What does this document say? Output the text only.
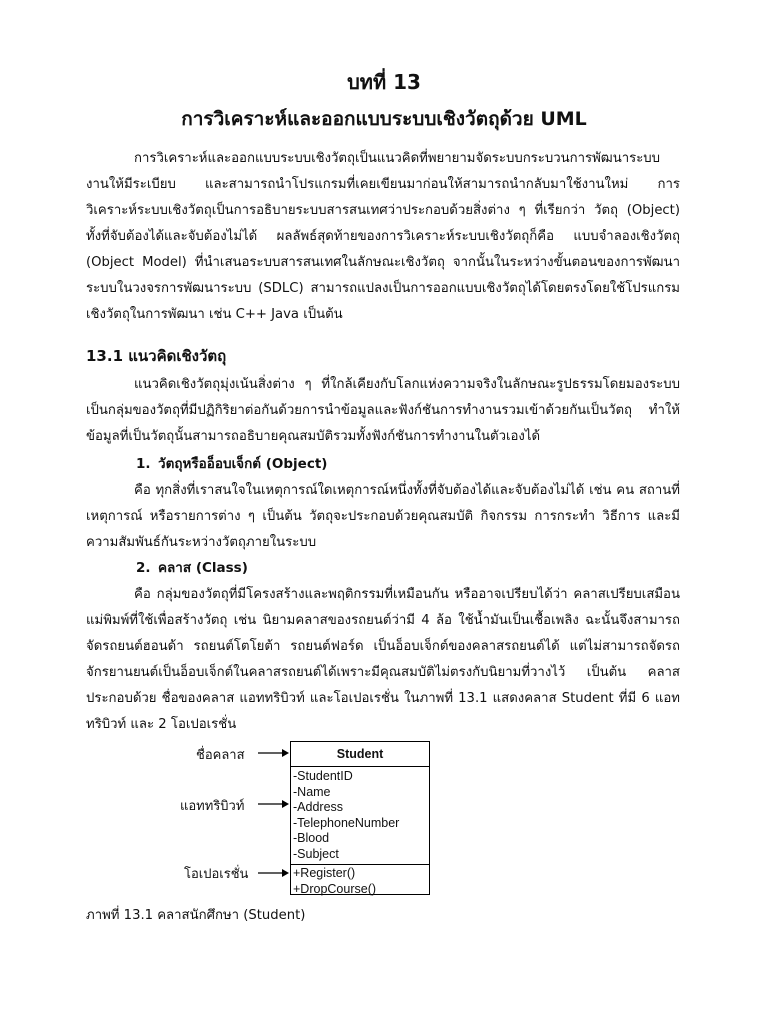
บทที่ 13
การวิเคราะห์และออกแบบระบบเชิงวัตถุด้วย UML

การวิเคราะห์และออกแบบระบบเชิงวัตถุเป็นแนวคิดที่พยายามจัดระบบกระบวนการพัฒนาระบบงานให้มีระเบียบ และสามารถนำโปรแกรมที่เคยเขียนมาก่อนให้สามารถนำกลับมาใช้งานใหม่ การวิเคราะห์ระบบเชิงวัตถุเป็นการอธิบายระบบสารสนเทศว่าประกอบด้วยสิ่งต่าง ๆ ที่เรียกว่า วัตถุ (Object) ทั้งที่จับต้องได้และจับต้องไม่ได้ ผลลัพธ์สุดท้ายของการวิเคราะห์ระบบเชิงวัตถุก็คือ แบบจำลองเชิงวัตถุ (Object Model) ที่นำเสนอระบบสารสนเทศในลักษณะเชิงวัตถุ จากนั้นในระหว่างขั้นตอนของการพัฒนาระบบในวงจรการพัฒนาระบบ (SDLC) สามารถแปลงเป็นการออกแบบเชิงวัตถุได้โดยตรงโดยใช้โปรแกรมเชิงวัตถุในการพัฒนา เช่น C++ Java เป็นต้น

13.1 แนวคิดเชิงวัตถุ

แนวคิดเชิงวัตถุมุ่งเน้นสิ่งต่าง ๆ ที่ใกล้เคียงกับโลกแห่งความจริงในลักษณะรูปธรรมโดยมองระบบเป็นกลุ่มของวัตถุที่มีปฏิกิริยาต่อกันด้วยการนำข้อมูลและฟังก์ชันการทำงานรวมเข้าด้วยกันเป็นวัตถุ ทำให้ข้อมูลที่เป็นวัตถุนั้นสามารถอธิบายคุณสมบัติรวมทั้งฟังก์ชันการทำงานในตัวเองได้

1. วัตถุหรืออ็อบเจ็กต์ (Object)

คือ ทุกสิ่งที่เราสนใจในเหตุการณ์ใดเหตุการณ์หนึ่งทั้งที่จับต้องได้และจับต้องไม่ได้ เช่น คน สถานที่ เหตุการณ์ หรือรายการต่าง ๆ เป็นต้น วัตถุจะประกอบด้วยคุณสมบัติ กิจกรรม การกระทำ วิธีการ และมีความสัมพันธ์กันระหว่างวัตถุภายในระบบ

2. คลาส (Class)

คือ กลุ่มของวัตถุที่มีโครงสร้างและพฤติกรรมที่เหมือนกัน หรืออาจเปรียบได้ว่า คลาสเปรียบเสมือนแม่พิมพ์ที่ใช้เพื่อสร้างวัตถุ เช่น นิยามคลาสของรถยนต์ว่ามี 4 ล้อ ใช้น้ำมันเป็นเชื้อเพลิง ฉะนั้นจึงสามารถจัดรถยนต์ฮอนด้า รถยนต์โตโยต้า รถยนต์ฟอร์ด เป็นอ็อบเจ็กต์ของคลาสรถยนต์ได้ แต่ไม่สามารถจัดรถจักรยานยนต์เป็นอ็อบเจ็กต์ในคลาสรถยนต์ได้เพราะมีคุณสมบัติไม่ตรงกับนิยามที่วางไว้ เป็นต้น คลาสประกอบด้วย ชื่อของคลาส แอททริบิวท์ และโอเปอเรชั่น ในภาพที่ 13.1 แสดงคลาส Student ที่มี 6 แอททริบิวท์ และ 2 โอเปอเรชั่น

ชื่อคลาส
แอททริบิวท์
โอเปอเรชั่น
Student
-StudentID
-Name
-Address
-TelephoneNumber
-Blood
-Subject
+Register()
+DropCourse()
ภาพที่ 13.1 คลาสนักศึกษา (Student)
